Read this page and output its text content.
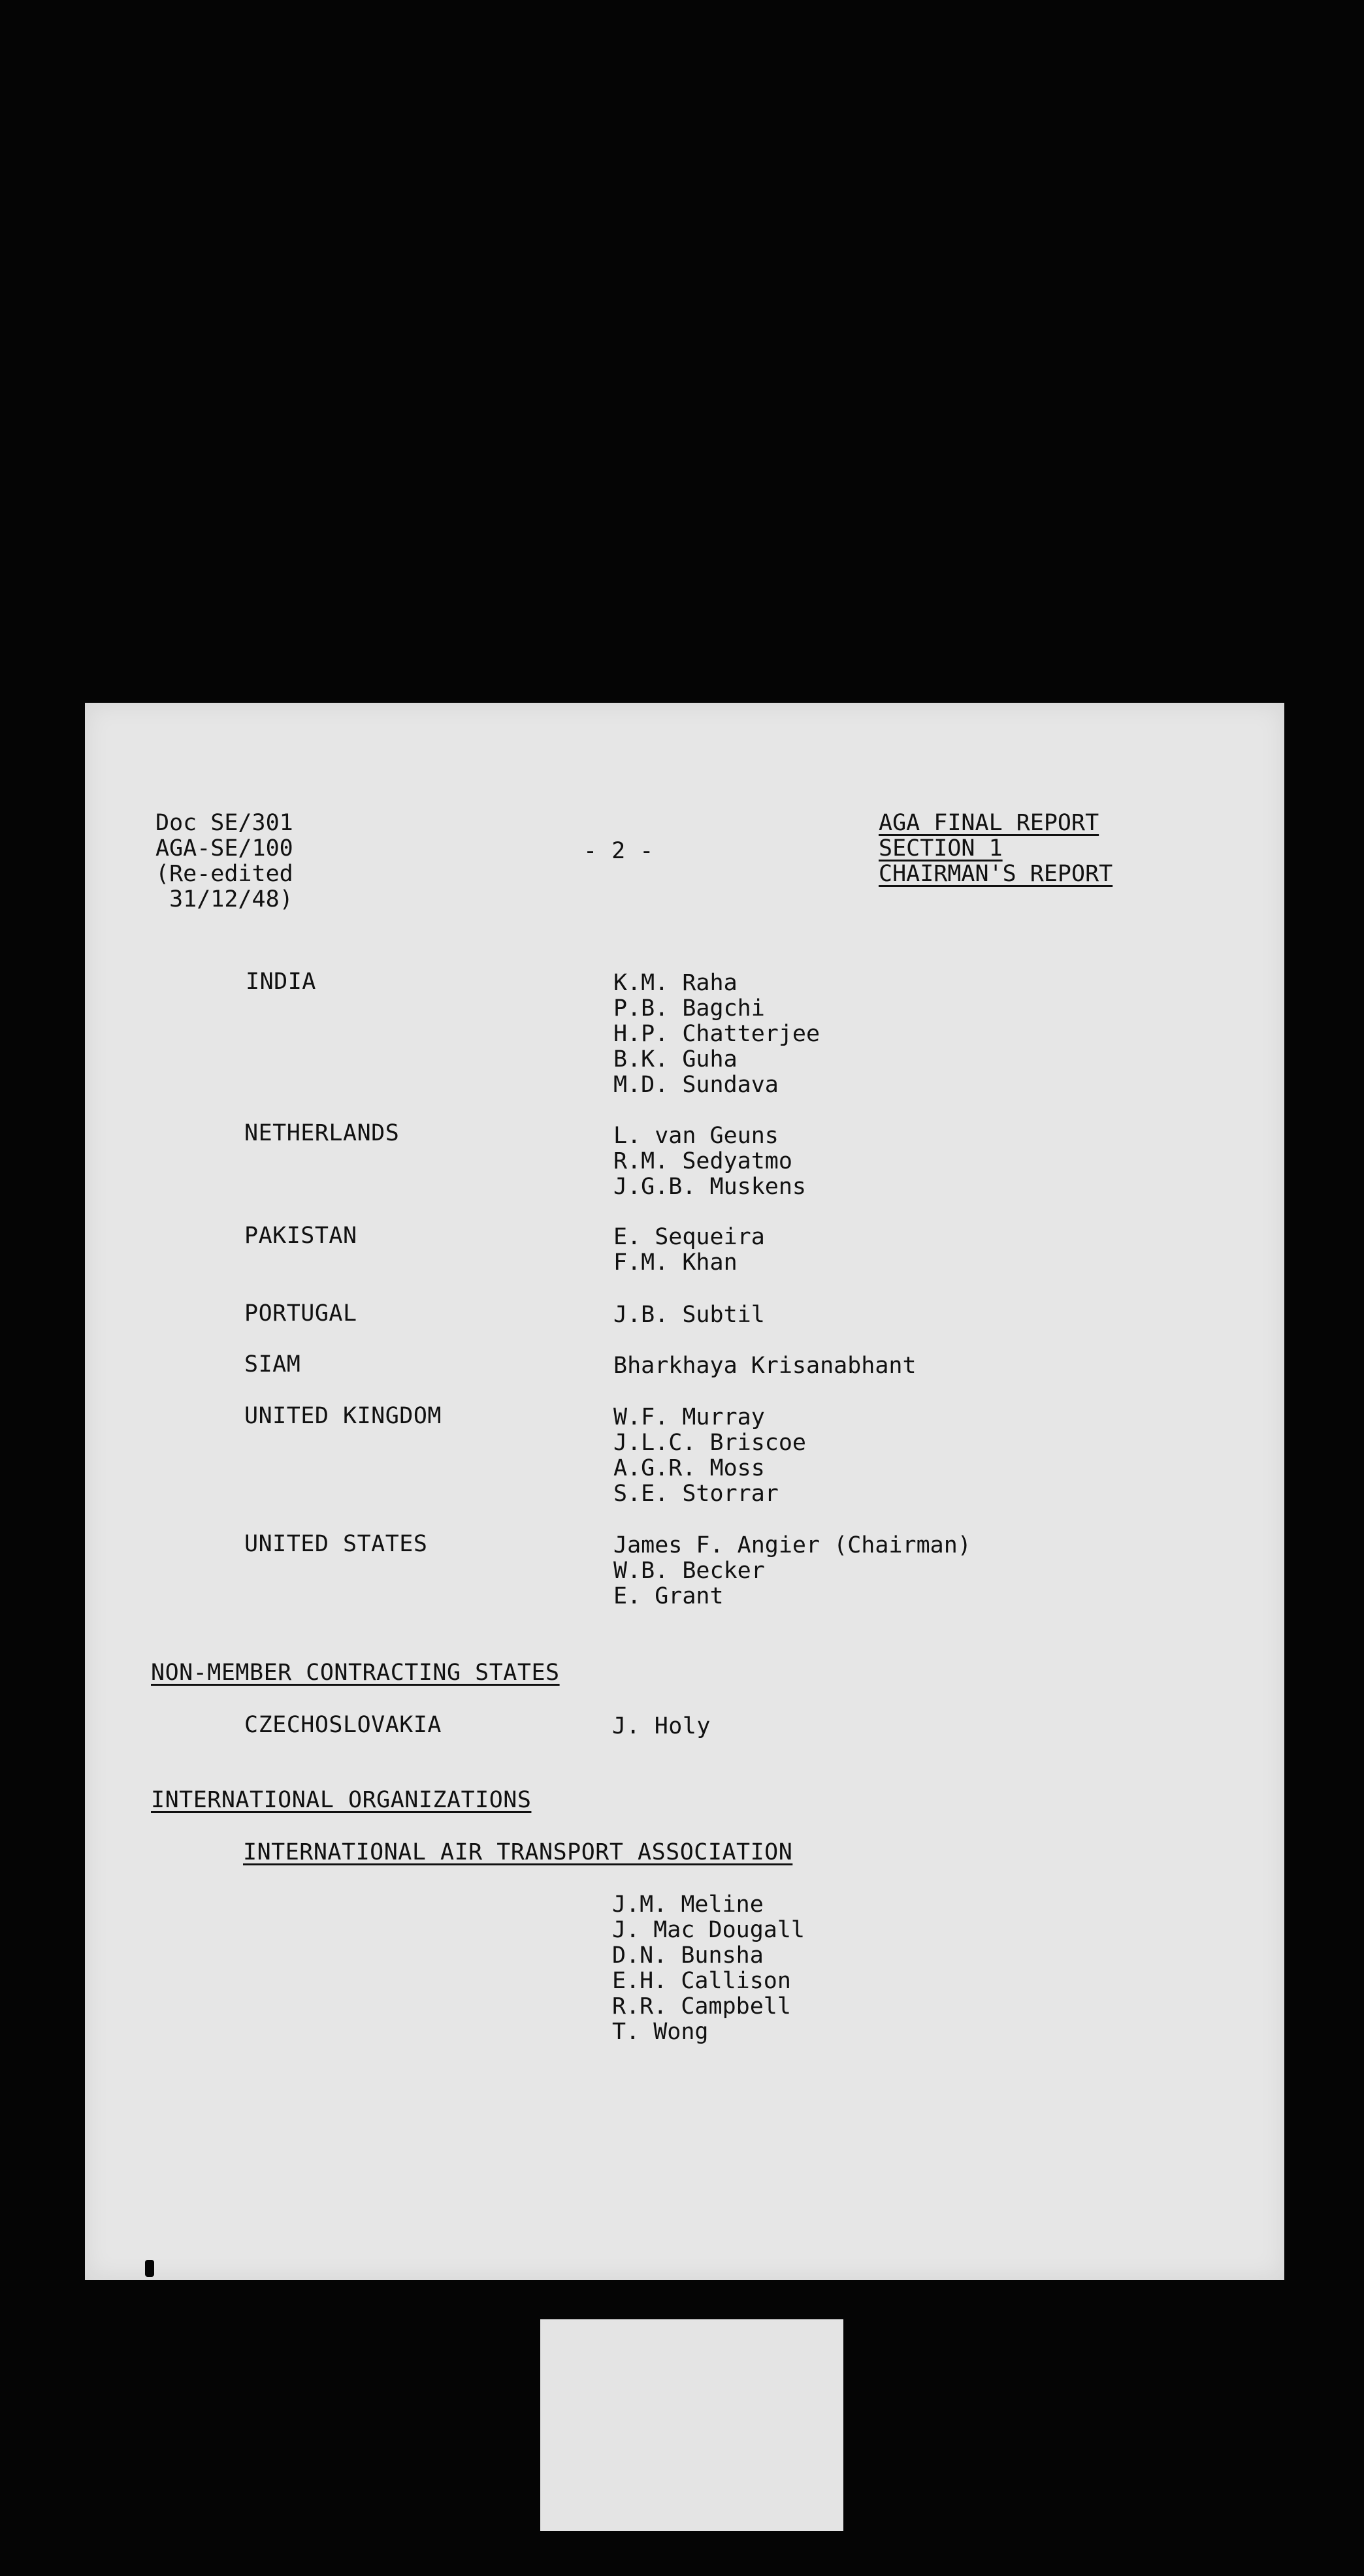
Doc SE/301
AGA-SE/100
(Re-edited
31/12/48)
- 2 -
AGA FINAL REPORT
SECTION 1
CHAIRMAN'S REPORT
INDIA	K.M. Raha
P.B. Bagchi
H.P. Chatterjee
B.K. Guha
M.D. Sundava
NETHERLANDS	L. van Geuns
R.M. Sedyatmo
J.G.B. Muskens
PAKISTAN	E. Sequeira
F.M. Khan
PORTUGAL	J.B. Subtil
SIAM	Bharkhaya Krisanabhant
UNITED KINGDOM	W.F. Murray
J.L.C. Briscoe
A.G.R. Moss
S.E. Storrar
UNITED STATES	James F. Angier (Chairman)
W.B. Becker
E. Grant
NON-MEMBER CONTRACTING STATES
CZECHOSLOVAKIA	J. Holy
INTERNATIONAL ORGANIZATIONS
INTERNATIONAL AIR TRANSPORT ASSOCIATION
J.M. Meline
J. Mac Dougall
D.N. Bunsha
E.H. Callison
R.R. Campbell
T. Wong
